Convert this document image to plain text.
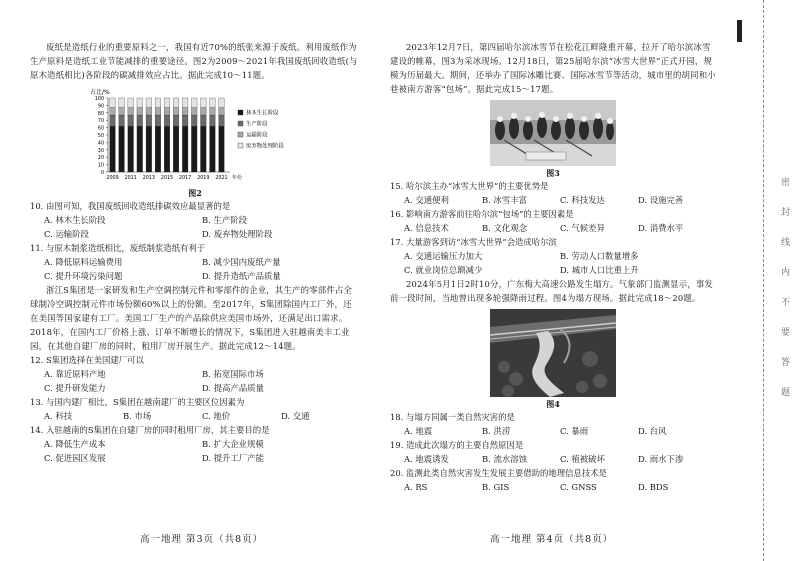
废纸是造纸行业的重要原料之一，我国有近70%的纸张来源于废纸。利用废纸作为生产原料是造纸工业节能减排的重要途径。图2为2009～2021年我国废纸回收造纸(与原木造纸相比)各阶段的碳减排效应占比。据此完成10～11题。

占比/%
0
10
20
30
40
50
60
70
80
90
100
2009 2011 2013 2015 2017 2019 2021 年份
林木生长阶段
生产阶段
运输阶段
废弃物处理阶段

图2

10. 由图可知，我国废纸回收造纸排碳效应最显著的是

A. 林木生长阶段	B. 生产阶段
C. 运输阶段	D. 废弃物处理阶段

11. 与原木制浆造纸相比，废纸制浆造纸有利于

A. 降低原料运输费用	B. 减少国内废纸产量
C. 提升环境污染问题	D. 提升造纸产品质量

浙江S集团是一家研发和生产空调控制元件和零部件的企业，其生产的零部件占全球制冷空调控制元件市场份额60%以上的份额。至2017年，S集团除国内工厂外，还在美国等国家建有工厂。美国工厂生产的产品除供应美国市场外，还满足出口需求。2018年，在国内工厂价格上涨、订单不断增长的情况下，S集团进入驻越南美丰工业园，在其他自建厂房的同时，租用厂房开展生产。据此完成12～14题。

12. S集团选择在美国建厂可以

A. 靠近原料产地	B. 拓宽国际市场
C. 提升研发能力	D. 提高产品质量

13. 与国内建厂相比，S集团在越南建厂的主要区位因素为

A. 科技	B. 市场	C. 地价	D. 交通

14. 入驻越南的S集团在自建厂房的同时租用厂房，其主要目的是

A. 降低生产成本	B. 扩大企业规模
C. 促进园区发展	D. 提升工厂产能
高一地理 第3页（共8页）

2023年12月7日，第四届哈尔滨冰雪节在松花江畔隆重开幕，拉开了哈尔滨冰雪建设的帷幕，图3为采冰现场。12月18日，第25届哈尔滨“冰雪大世界”正式开园，规模为历届最大。期间，还举办了国际冰雕比赛、国际冰雪节等活动，城市里的胡同和小巷被南方游客“包场”。据此完成15～17题。

图3

15. 哈尔滨主办“冰雪大世界”的主要优势是

A. 交通便利	B. 冰雪丰富	C. 科技发达	D. 设施完善

16. 影响南方游客前往哈尔滨“包场”的主要因素是

A. 信息技术	B. 文化观念	C. 气候差异	D. 消费水平

17. 大量游客到访“冰雪大世界”会造成哈尔滨

A. 交通运输压力加大	B. 劳动人口数量增多
C. 就业岗位总额减少	D. 城市人口比重上升

2024年5月1日2时10分，广东梅大高速公路发生塌方。气象部门监测显示，事发前一段时间，当地曾出现多轮强降雨过程。图4为塌方现场。据此完成18～20题。

图4

18. 与塌方同属一类自然灾害的是

A. 地震	B. 洪涝	C. 暴雨	D. 台风

19. 造成此次塌方的主要自然原因是

A. 地震诱发	B. 流水溶蚀	C. 植被破坏	D. 雨水下渗

20. 监测此类自然灾害发生发展主要借助的地理信息技术是

A. RS	B. GIS	C. GNSS	D. BDS
高一地理 第4页（共8页）
密
封
线
内
不
要
答
题
